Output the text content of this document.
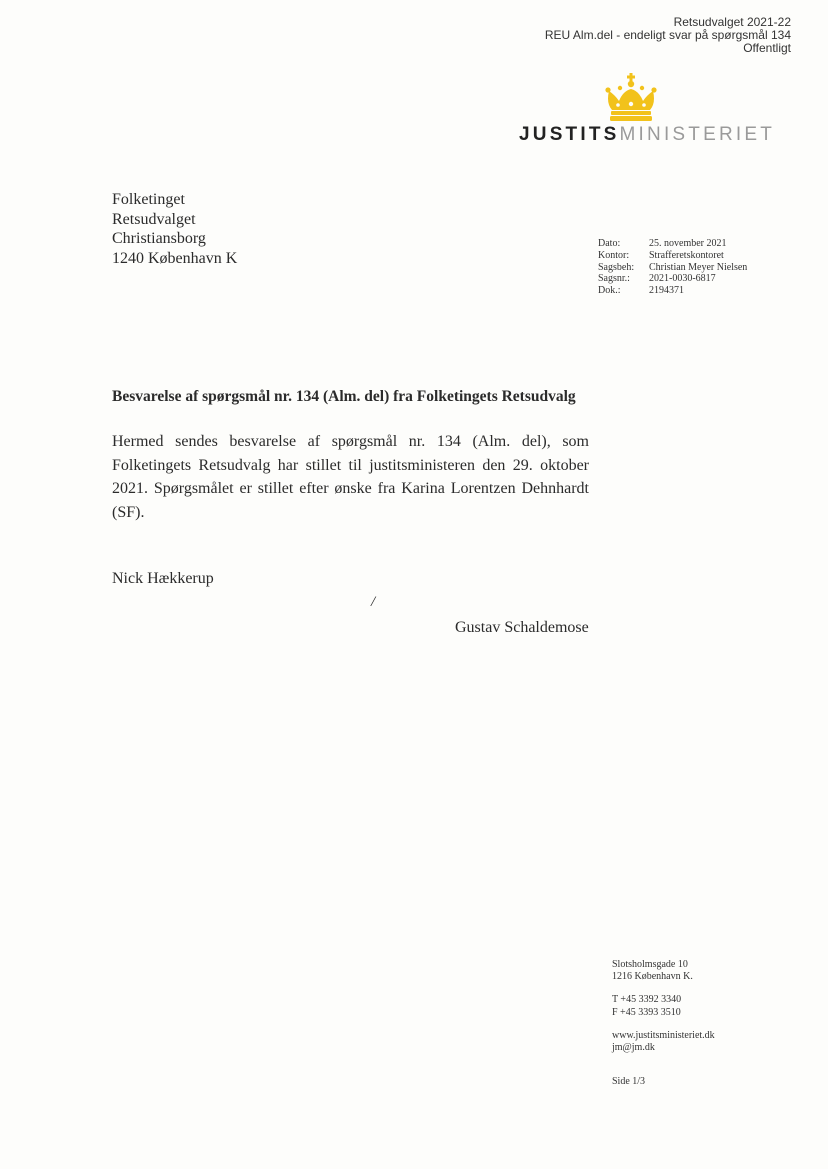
Retsudvalget 2021-22
REU Alm.del - endeligt svar på spørgsmål 134
Offentligt
JUSTITSMINISTERIET
Folketinget
Retsudvalget
Christiansborg
1240 København K
Dato:	25. november 2021
Kontor:	Strafferetskontoret
Sagsbeh:	Christian Meyer Nielsen
Sagsnr.:	2021-0030-6817
Dok.:	2194371
Besvarelse af spørgsmål nr. 134 (Alm. del) fra Folketingets Retsudvalg
Hermed sendes besvarelse af spørgsmål nr. 134 (Alm. del), som Folketingets Retsudvalg har stillet til justitsministeren den 29. oktober 2021. Spørgsmålet er stillet efter ønske fra Karina Lorentzen Dehnhardt (SF).
Nick Hækkerup
/
Gustav Schaldemose
Slotsholmsgade 10
1216 København K.
T +45 3392 3340
F +45 3393 3510
www.justitsministeriet.dk
jm@jm.dk
Side 1/3
